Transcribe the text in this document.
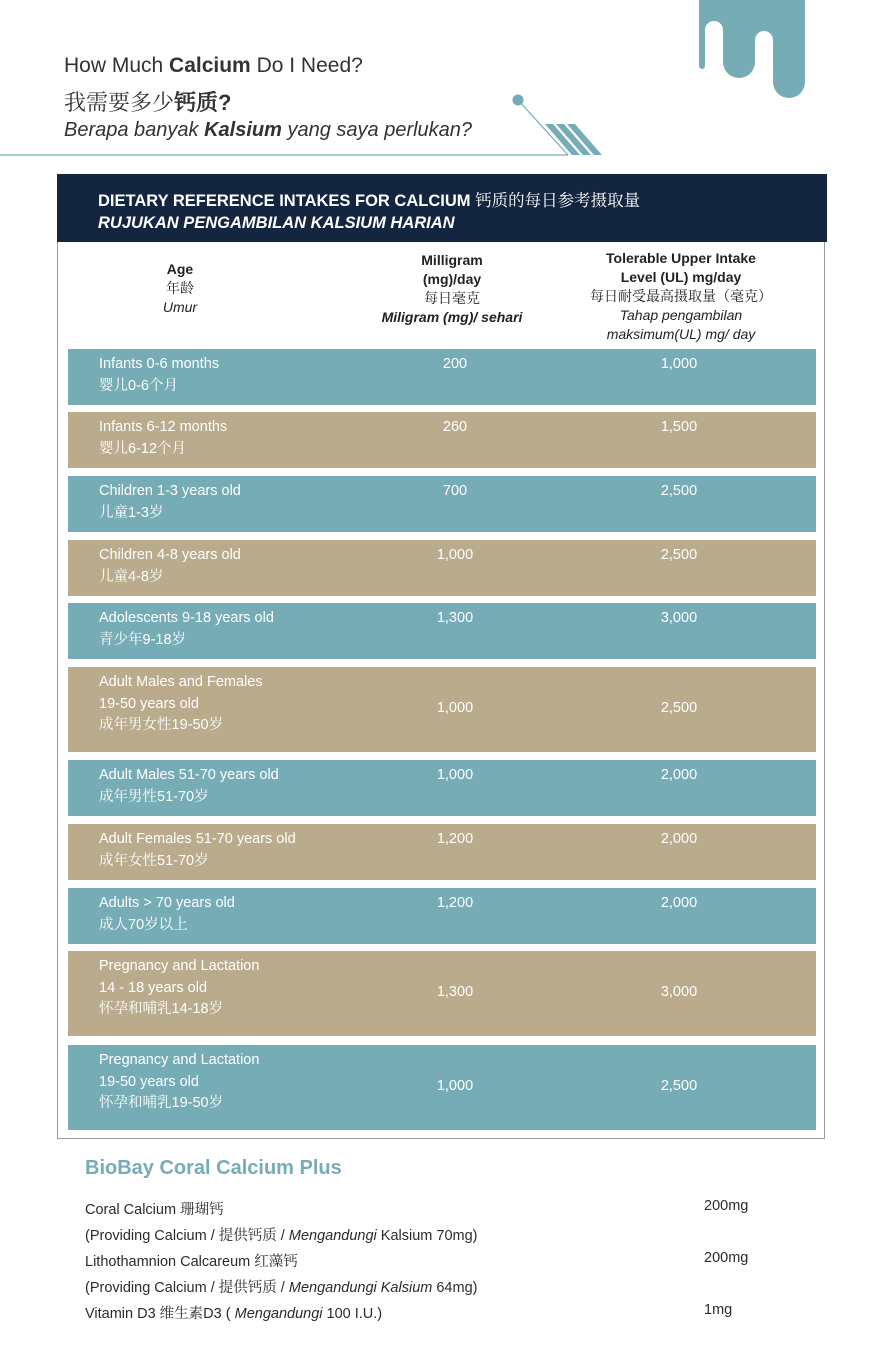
How Much Calcium Do I Need?
我需要多少钙质?
Berapa banyak Kalsium yang saya perlukan?
DIETARY REFERENCE INTAKES FOR CALCIUM 钙质的每日参考摄取量
RUJUKAN PENGAMBILAN KALSIUM HARIAN
Age
年龄
Umur
Milligram
(mg)/day
每日毫克
Miligram (mg)/ sehari
Tolerable Upper Intake
Level (UL) mg/day
每日耐受最高摄取量（毫克）
Tahap pengambilan
maksimum(UL) mg/ day
Infants 0-6 months
婴儿0-6个月
200	1,000
Infants 6-12 months
婴儿6-12个月
260	1,500
Children 1-3 years old
儿童1-3岁
700	2,500
Children 4-8 years old
儿童4-8岁
1,000	2,500
Adolescents 9-18 years old
青少年9-18岁
1,300	3,000
Adult Males and Females
19-50 years old
成年男女性19-50岁
1,000	2,500
Adult Males 51-70 years old
成年男性51-70岁
1,000	2,000
Adult Females 51-70 years old
成年女性51-70岁
1,200	2,000
Adults > 70 years old
成人70岁以上
1,200	2,000
Pregnancy and Lactation
14 - 18 years old
怀孕和哺乳14-18岁
1,300	3,000
Pregnancy and Lactation
19-50 years old
怀孕和哺乳19-50岁
1,000	2,500
BioBay Coral Calcium Plus
Coral Calcium 珊瑚钙	200mg
(Providing Calcium / 提供钙质 / Mengandungi Kalsium 70mg)
Lithothamnion Calcareum 红藻钙	200mg
(Providing Calcium / 提供钙质 / Mengandungi Kalsium 64mg)
Vitamin D3 维生素D3 ( Mengandungi 100 I.U.)	1mg
